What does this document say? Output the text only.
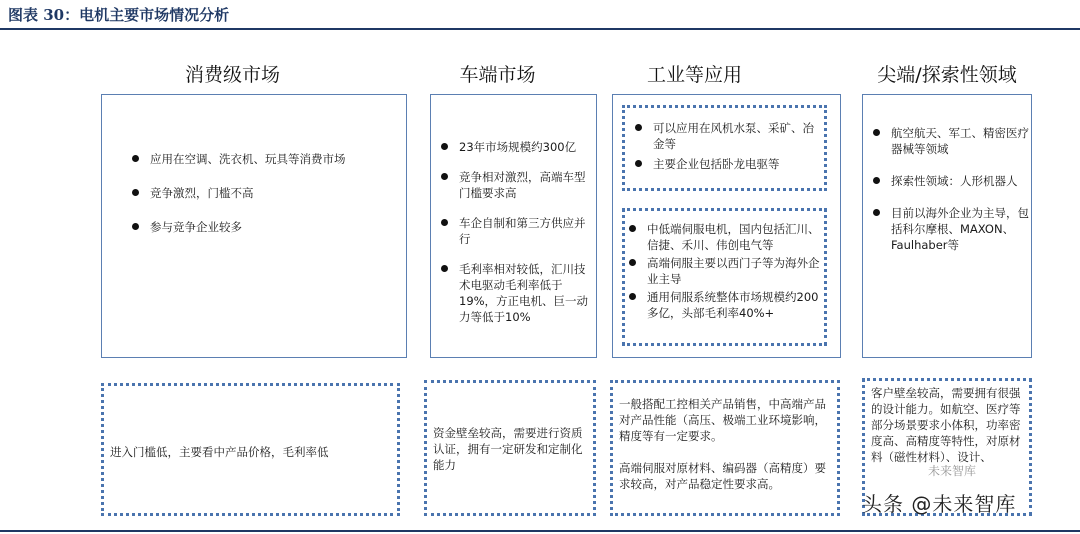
图表 30：电机主要市场情况分析
消费级市场	车端市场	工业等应用	尖端/探索性领域
应用在空调、洗衣机、玩具等消费市场
竞争激烈，门槛不高
参与竞争企业较多
23年市场规模约300亿
竞争相对激烈，高端车型门槛要求高
车企自制和第三方供应并行
毛利率相对较低，汇川技术电驱动毛利率低于19%，方正电机、巨一动力等低于10%
可以应用在风机水泵、采矿、冶金等
主要企业包括卧龙电驱等
中低端伺服电机，国内包括汇川、信捷、禾川、伟创电气等
高端伺服主要以西门子等为海外企业主导
通用伺服系统整体市场规模约200多亿，头部毛利率40%+
航空航天、军工、精密医疗器械等领域
探索性领域：人形机器人
目前以海外企业为主导，包括科尔摩根、MAXON、Faulhaber等
进入门槛低，主要看中产品价格，毛利率低
资金壁垒较高，需要进行资质认证，拥有一定研发和定制化能力
一般搭配工控相关产品销售，中高端产品对产品性能（高压、极端工业环境影响，精度等有一定要求。
高端伺服对原材料、编码器（高精度）要求较高，对产品稳定性要求高。
客户壁垒较高，需要拥有很强的设计能力。如航空、医疗等部分场景要求小体积，功率密度高、高精度等特性，对原材料（磁性材料）、设计、
未来智库
头条 @未来智库
